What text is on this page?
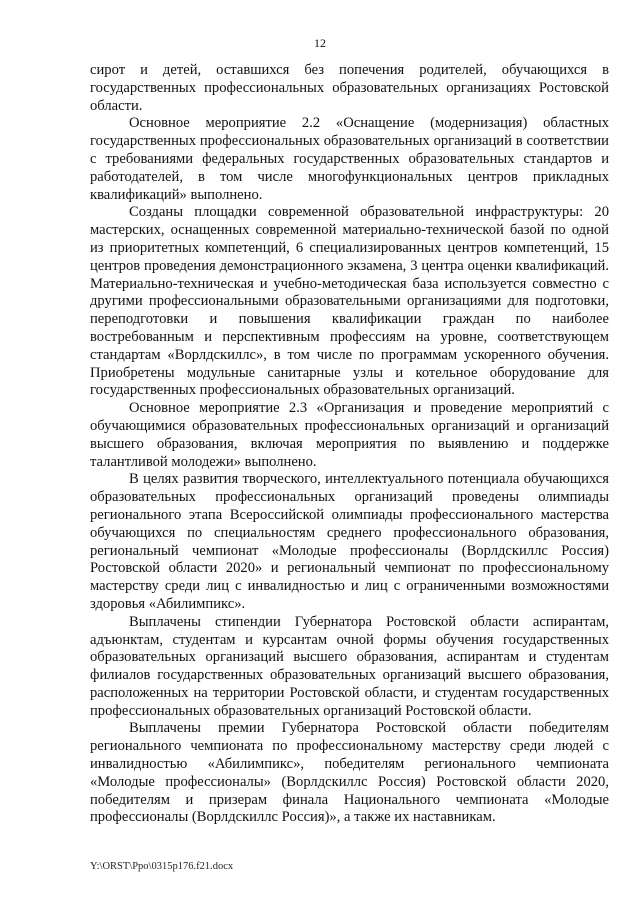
12

сирот и детей, оставшихся без попечения родителей, обучающихся в государственных профессиональных образовательных организациях Ростовской области.

Основное мероприятие 2.2 «Оснащение (модернизация) областных государственных профессиональных образовательных организаций в соответствии с требованиями федеральных государственных образовательных стандартов и работодателей, в том числе многофункциональных центров прикладных квалификаций» выполнено.

Созданы площадки современной образовательной инфраструктуры: 20 мастерских, оснащенных современной материально-технической базой по одной из приоритетных компетенций, 6 специализированных центров компетенций, 15 центров проведения демонстрационного экзамена, 3 центра оценки квалификаций. Материально-техническая и учебно-методическая база используется совместно с другими профессиональными образовательными организациями для подготовки, переподготовки и повышения квалификации граждан по наиболее востребованным и перспективным профессиям на уровне, соответствующем стандартам «Ворлдскиллс», в том числе по программам ускоренного обучения. Приобретены модульные санитарные узлы и котельное оборудование для государственных профессиональных образовательных организаций.

Основное мероприятие 2.3 «Организация и проведение мероприятий с обучающимися образовательных профессиональных организаций и организаций высшего образования, включая мероприятия по выявлению и поддержке талантливой молодежи» выполнено.

В целях развития творческого, интеллектуального потенциала обучающихся образовательных профессиональных организаций проведены олимпиады регионального этапа Всероссийской олимпиады профессионального мастерства обучающихся по специальностям среднего профессионального образования, региональный чемпионат «Молодые профессионалы (Ворлдскиллс Россия) Ростовской области 2020» и региональный чемпионат по профессиональному мастерству среди лиц с инвалидностью и лиц с ограниченными возможностями здоровья «Абилимпикс».

Выплачены стипендии Губернатора Ростовской области аспирантам, адъюнктам, студентам и курсантам очной формы обучения государственных образовательных организаций высшего образования, аспирантам и студентам филиалов государственных образовательных организаций высшего образования, расположенных на территории Ростовской области, и студентам государственных профессиональных образовательных организаций Ростовской области.

Выплачены премии Губернатора Ростовской области победителям регионального чемпионата по профессиональному мастерству среди людей с инвалидностью «Абилимпикс», победителям регионального чемпионата «Молодые профессионалы» (Ворлдскиллс Россия) Ростовской области 2020, победителям и призерам финала Национального чемпионата «Молодые профессионалы (Ворлдскиллс Россия)», а также их наставникам.

Y:\ORST\Ppo\0315p176.f21.docx
